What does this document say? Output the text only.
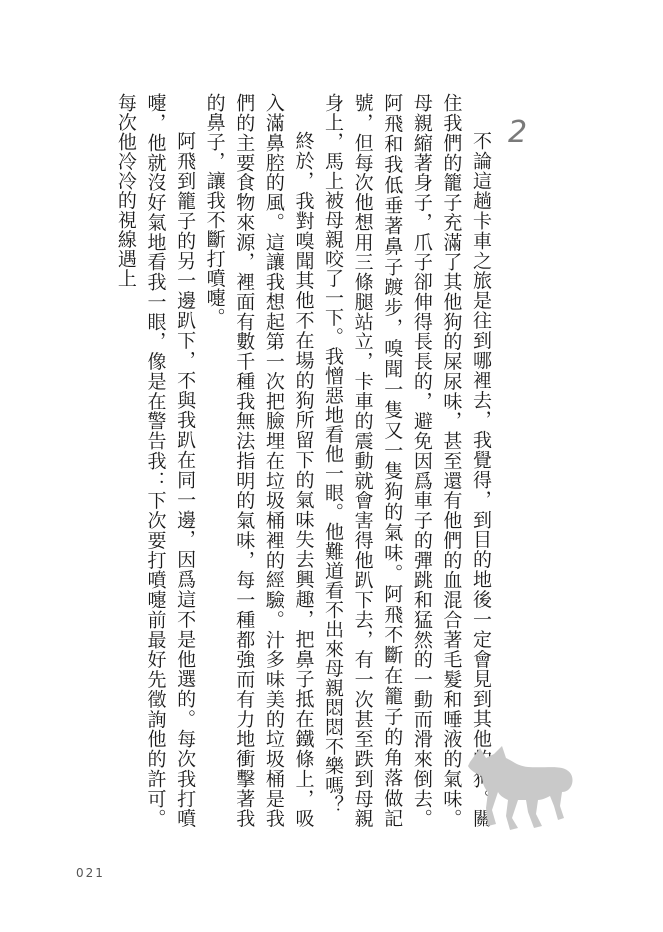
2

不論這趟卡車之旅是往到哪裡去，我覺得，到目的地後一定會見到其他的狗。關住我們的籠子充滿了其他狗的屎尿味，甚至還有他們的血混合著毛髮和唾液的氣味。母親縮著身子，爪子卻伸得長長的，避免因爲車子的彈跳和猛然的一動而滑來倒去。阿飛和我低垂著鼻子踱步，嗅聞一隻又一隻狗的氣味。阿飛不斷在籠子的角落做記號，但每次他想用三條腿站立，卡車的震動就會害得他趴下去，有一次甚至跌到母親身上，馬上被母親咬了一下。我憎惡地看他一眼。他難道看不出來母親悶悶不樂嗎？

終於，我對嗅聞其他不在場的狗所留下的氣味失去興趣，把鼻子抵在鐵條上，吸入滿鼻腔的風。這讓我想起第一次把臉埋在垃圾桶裡的經驗。汁多味美的垃圾桶是我們的主要食物來源，裡面有數千種我無法指明的氣味，每一種都強而有力地衝擊著我的鼻子，讓我不斷打噴嚏。

阿飛到籠子的另一邊趴下，不與我趴在同一邊，因爲這不是他選的。每次我打噴嚏，他就沒好氣地看我一眼，像是在警告我：下次要打噴嚏前最好先徵詢他的許可。每次他冷冷的視線遇上

021
